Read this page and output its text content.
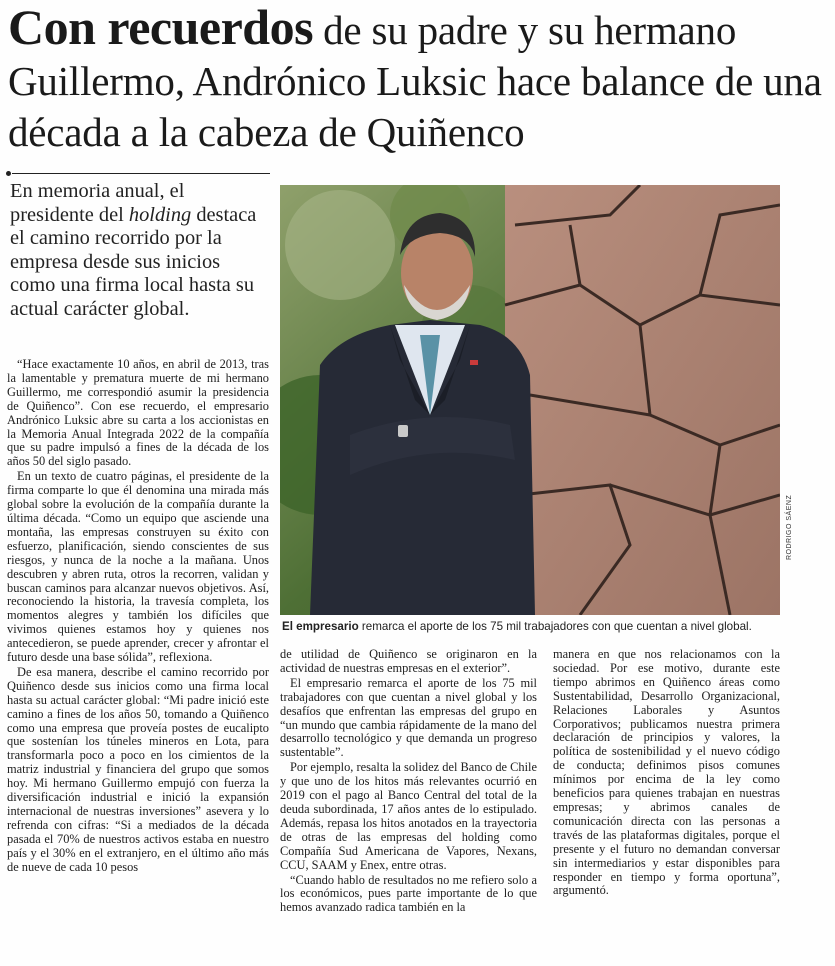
Con recuerdos de su padre y su hermano Guillermo, Andrónico Luksic hace balance de una década a la cabeza de Quiñenco

En memoria anual, el presidente del holding destaca el camino recorrido por la empresa desde sus inicios como una firma local hasta su actual carácter global.

RODRIGO SÁENZ

El empresario remarca el aporte de los 75 mil trabajadores con que cuentan a nivel global.

“Hace exactamente 10 años, en abril de 2013, tras la lamentable y prematura muerte de mi hermano Guillermo, me correspondió asumir la presidencia de Quiñenco”. Con ese recuerdo, el empresario Andrónico Luksic abre su carta a los accionistas en la Memoria Anual Integrada 2022 de la compañía que su padre impulsó a fines de la década de los años 50 del siglo pasado.

En un texto de cuatro páginas, el presidente de la firma comparte lo que él denomina una mirada más global sobre la evolución de la compañía durante la última década. “Como un equipo que asciende una montaña, las empresas construyen su éxito con esfuerzo, planificación, siendo conscientes de sus riesgos, y nunca de la noche a la mañana. Unos descubren y abren ruta, otros la recorren, validan y buscan caminos para alcanzar nuevos objetivos. Así, reconociendo la historia, la travesía completa, los momentos alegres y también los difíciles que vivimos quienes estamos hoy y quienes nos antecedieron, se puede aprender, crecer y afrontar el futuro desde una base sólida”, reflexiona.

De esa manera, describe el camino recorrido por Quiñenco desde sus inicios como una firma local hasta su actual carácter global: “Mi padre inició este camino a fines de los años 50, tomando a Quiñenco como una empresa que proveía postes de eucalipto que sostenían los túneles mineros en Lota, para transformarla poco a poco en los cimientos de la matriz industrial y financiera del grupo que somos hoy. Mi hermano Guillermo empujó con fuerza la diversificación industrial e inició la expansión internacional de nuestras inversiones” asevera y lo refrenda con cifras: “Si a mediados de la década pasada el 70% de nuestros activos estaba en nuestro país y el 30% en el extranjero, en el último año más de nueve de cada 10 pesos

de utilidad de Quiñenco se originaron en la actividad de nuestras empresas en el exterior”.

El empresario remarca el aporte de los 75 mil trabajadores con que cuentan a nivel global y los desafíos que enfrentan las empresas del grupo en “un mundo que cambia rápidamente de la mano del desarrollo tecnológico y que demanda un progreso sustentable”.

Por ejemplo, resalta la solidez del Banco de Chile y que uno de los hitos más relevantes ocurrió en 2019 con el pago al Banco Central del total de la deuda subordinada, 17 años antes de lo estipulado. Además, repasa los hitos anotados en la trayectoria de otras de las empresas del holding como Compañía Sud Americana de Vapores, Nexans, CCU, SAAM y Enex, entre otras.

“Cuando hablo de resultados no me refiero solo a los económicos, pues parte importante de lo que hemos avanzado radica también en la

manera en que nos relacionamos con la sociedad. Por ese motivo, durante este tiempo abrimos en Quiñenco áreas como Sustentabilidad, Desarrollo Organizacional, Relaciones Laborales y Asuntos Corporativos; publicamos nuestra primera declaración de principios y valores, la política de sostenibilidad y el nuevo código de conducta; definimos pisos comunes mínimos por encima de la ley como beneficios para quienes trabajan en nuestras empresas; y abrimos canales de comunicación directa con las personas a través de las plataformas digitales, porque el presente y el futuro no demandan conversar sin intermediarios y estar disponibles para responder en tiempo y forma oportuna”, argumentó.
